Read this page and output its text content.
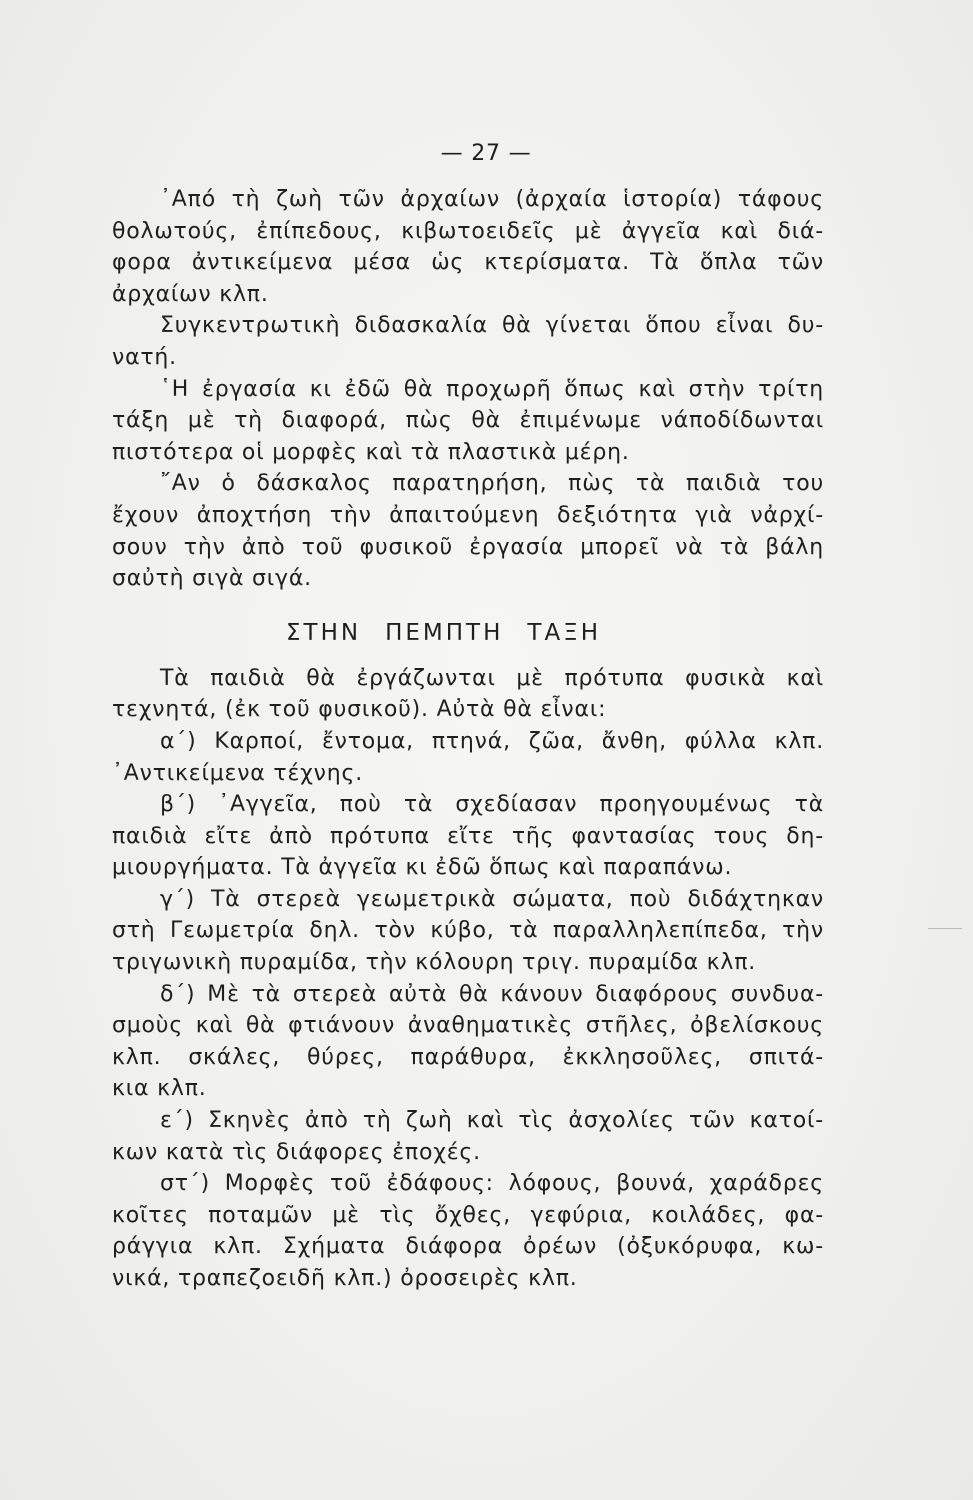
— 27 —
᾿Από τὴ ζωὴ τῶν ἀρχαίων (ἀρχαία ἱστορία) τάφους
θολωτούς, ἐπίπεδους, κιβωτοειδεῖς μὲ ἀγγεῖα καὶ διά-
φορα ἀντικείμενα μέσα ὡς κτερίσματα. Τὰ ὅπλα τῶν
ἀρχαίων κλπ.
Συγκεντρωτικὴ διδασκαλία θὰ γίνεται ὅπου εἶναι δυ-
νατή.
῾Η ἐργασία κι ἐδῶ θὰ προχωρῆ ὅπως καὶ στὴν τρίτη
τάξη μὲ τὴ διαφορά, πὼς θὰ ἐπιμένωμε νάποδίδωνται
πιστότερα οἱ μορφὲς καὶ τὰ πλαστικὰ μέρη.
῎Αν ὁ δάσκαλος παρατηρήση, πὼς τὰ παιδιὰ του
ἔχουν ἀποχτήση τὴν ἀπαιτούμενη δεξιότητα γιὰ νἀρχί-
σουν τὴν ἀπὸ τοῦ φυσικοῦ ἐργασία μπορεῖ νὰ τὰ βάλη
σαὐτὴ σιγὰ σιγά.
ΣΤΗΝ ΠΕΜΠΤΗ ΤΑΞΗ
Τὰ παιδιὰ θὰ ἐργάζωνται μὲ πρότυπα φυσικὰ καὶ
τεχνητά, (ἐκ τοῦ φυσικοῦ). Αὐτὰ θὰ εἶναι:
α΄) Καρποί, ἔντομα, πτηνά, ζῶα, ἄνθη, φύλλα κλπ.
᾿Αντικείμενα τέχνης.
β΄) ᾿Αγγεῖα, ποὺ τὰ σχεδίασαν προηγουμένως τὰ
παιδιὰ εἴτε ἀπὸ πρότυπα εἴτε τῆς φαντασίας τους δη-
μιουργήματα. Τὰ ἀγγεῖα κι ἐδῶ ὅπως καὶ παραπάνω.
γ΄) Τὰ στερεὰ γεωμετρικὰ σώματα, ποὺ διδάχτηκαν
στὴ Γεωμετρία δηλ. τὸν κύβο, τὰ παραλληλεπίπεδα, τὴν
τριγωνικὴ πυραμίδα, τὴν κόλουρη τριγ. πυραμίδα κλπ.
δ΄) Μὲ τὰ στερεὰ αὐτὰ θὰ κάνουν διαφόρους συνδυα-
σμοὺς καὶ θὰ φτιάνουν ἀναθηματικὲς στῆλες, ὀβελίσκους
κλπ. σκάλες, θύρες, παράθυρα, ἐκκλησοῦλες, σπιτά-
κια κλπ.
ε΄) Σκηνὲς ἀπὸ τὴ ζωὴ καὶ τὶς ἀσχολίες τῶν κατοί-
κων κατὰ τὶς διάφορες ἐποχές.
στ΄) Μορφὲς τοῦ ἐδάφους: λόφους, βουνά, χαράδρες
κοῖτες ποταμῶν μὲ τὶς ὄχθες, γεφύρια, κοιλάδες, φα-
ράγγια κλπ. Σχήματα διάφορα ὀρέων (ὀξυκόρυφα, κω-
νικά, τραπεζοειδῆ κλπ.) ὀροσειρὲς κλπ.
